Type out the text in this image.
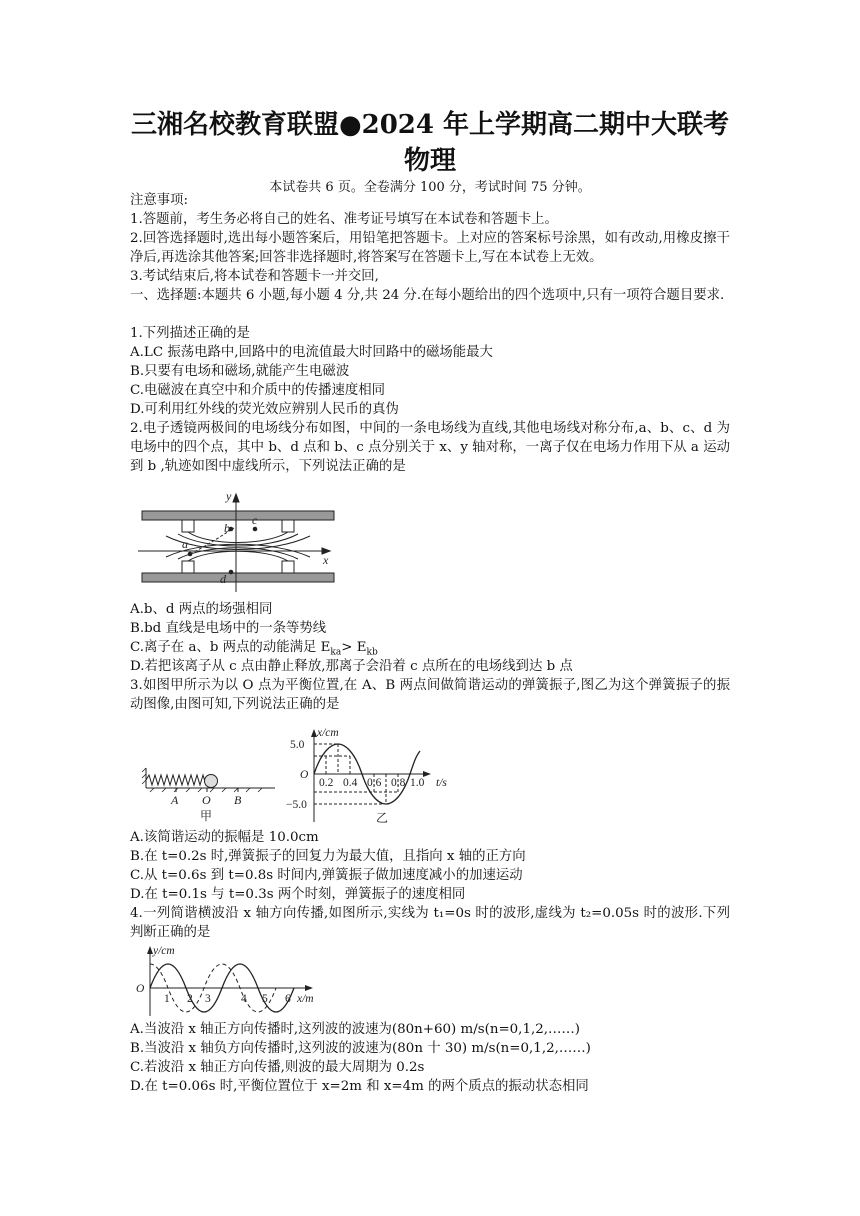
三湘名校教育联盟●2024 年上学期高二期中大联考
物理
本试卷共 6 页。全卷满分 100 分，考试时间 75 分钟。
注意事项:
1.答题前，考生务必将自己的姓名、准考证号填写在本试卷和答题卡上。
2.回答选择题时,选出每小题答案后，用铅笔把答题卡。上对应的答案标号涂黑，如有改动,用橡皮擦干净后,再选涂其他答案;回答非选择题时,将答案写在答题卡上,写在本试卷上无效。
3.考试结束后,将本试卷和答题卡一并交回,
一、选择题:本题共 6 小题,每小题 4 分,共 24 分.在每小题给出的四个选项中,只有一项符合题目要求.
1.下列描述正确的是
A.LC 振荡电路中,回路中的电流值最大时回路中的磁场能最大
B.只要有电场和磁场,就能产生电磁波
C.电磁波在真空中和介质中的传播速度相同
D.可利用红外线的荧光效应辨别人民币的真伪
2.电子透镜两极间的电场线分布如图，中间的一条电场线为直线,其他电场线对称分布,a、b、c、d 为电场中的四个点，其中 b、d 点和 b、c 点分别关于 x、y 轴对称，一离子仅在电场力作用下从 a 运动到 b ,轨迹如图中虚线所示，下列说法正确的是
y
x
a
b
c
d
A.b、d 两点的场强相同
B.bd 直线是电场中的一条等势线
C.离子在 a、b 两点的动能满足 $E_{ka}> E_{kb}$
D.若把该离子从 c 点由静止释放,那离子会沿着 c 点所在的电场线到达 b 点
3.如图甲所示为以 O 点为平衡位置,在 A、B 两点间做简谐运动的弹簧振子,图乙为这个弹簧振子的振动图像,由图可知,下列说法正确的是
A O B
甲
x/cm
5.0
O
−5.0
0.2 0.4 0.6 0.8 1.0 t/s
乙
A.该简谐运动的振幅是 10.0cm
B.在 t=0.2s 时,弹簧振子的回复力为最大值，且指向 x 轴的正方向
C.从 t=0.6s 到 t=0.8s 时间内,弹簧振子做加速度减小的加速运动
D.在 t=0.1s 与 t=0.3s 两个时刻，弹簧振子的速度相同
4.一列简谐横波沿 x 轴方向传播,如图所示,实线为 t₁=0s 时的波形,虚线为 t₂=0.05s 时的波形.下列判断正确的是
y/cm
O
1 2 3	4 5 6 x/m
A.当波沿 x 轴正方向传播时,这列波的波速为(80n+60) m/s(n=0,1,2,……)
B.当波沿 x 轴负方向传播时,这列波的波速为(80n 十 30) m/s(n=0,1,2,……)
C.若波沿 x 轴正方向传播,则波的最大周期为 0.2s
D.在 t=0.06s 时,平衡位置位于 x=2m 和 x=4m 的两个质点的振动状态相同
